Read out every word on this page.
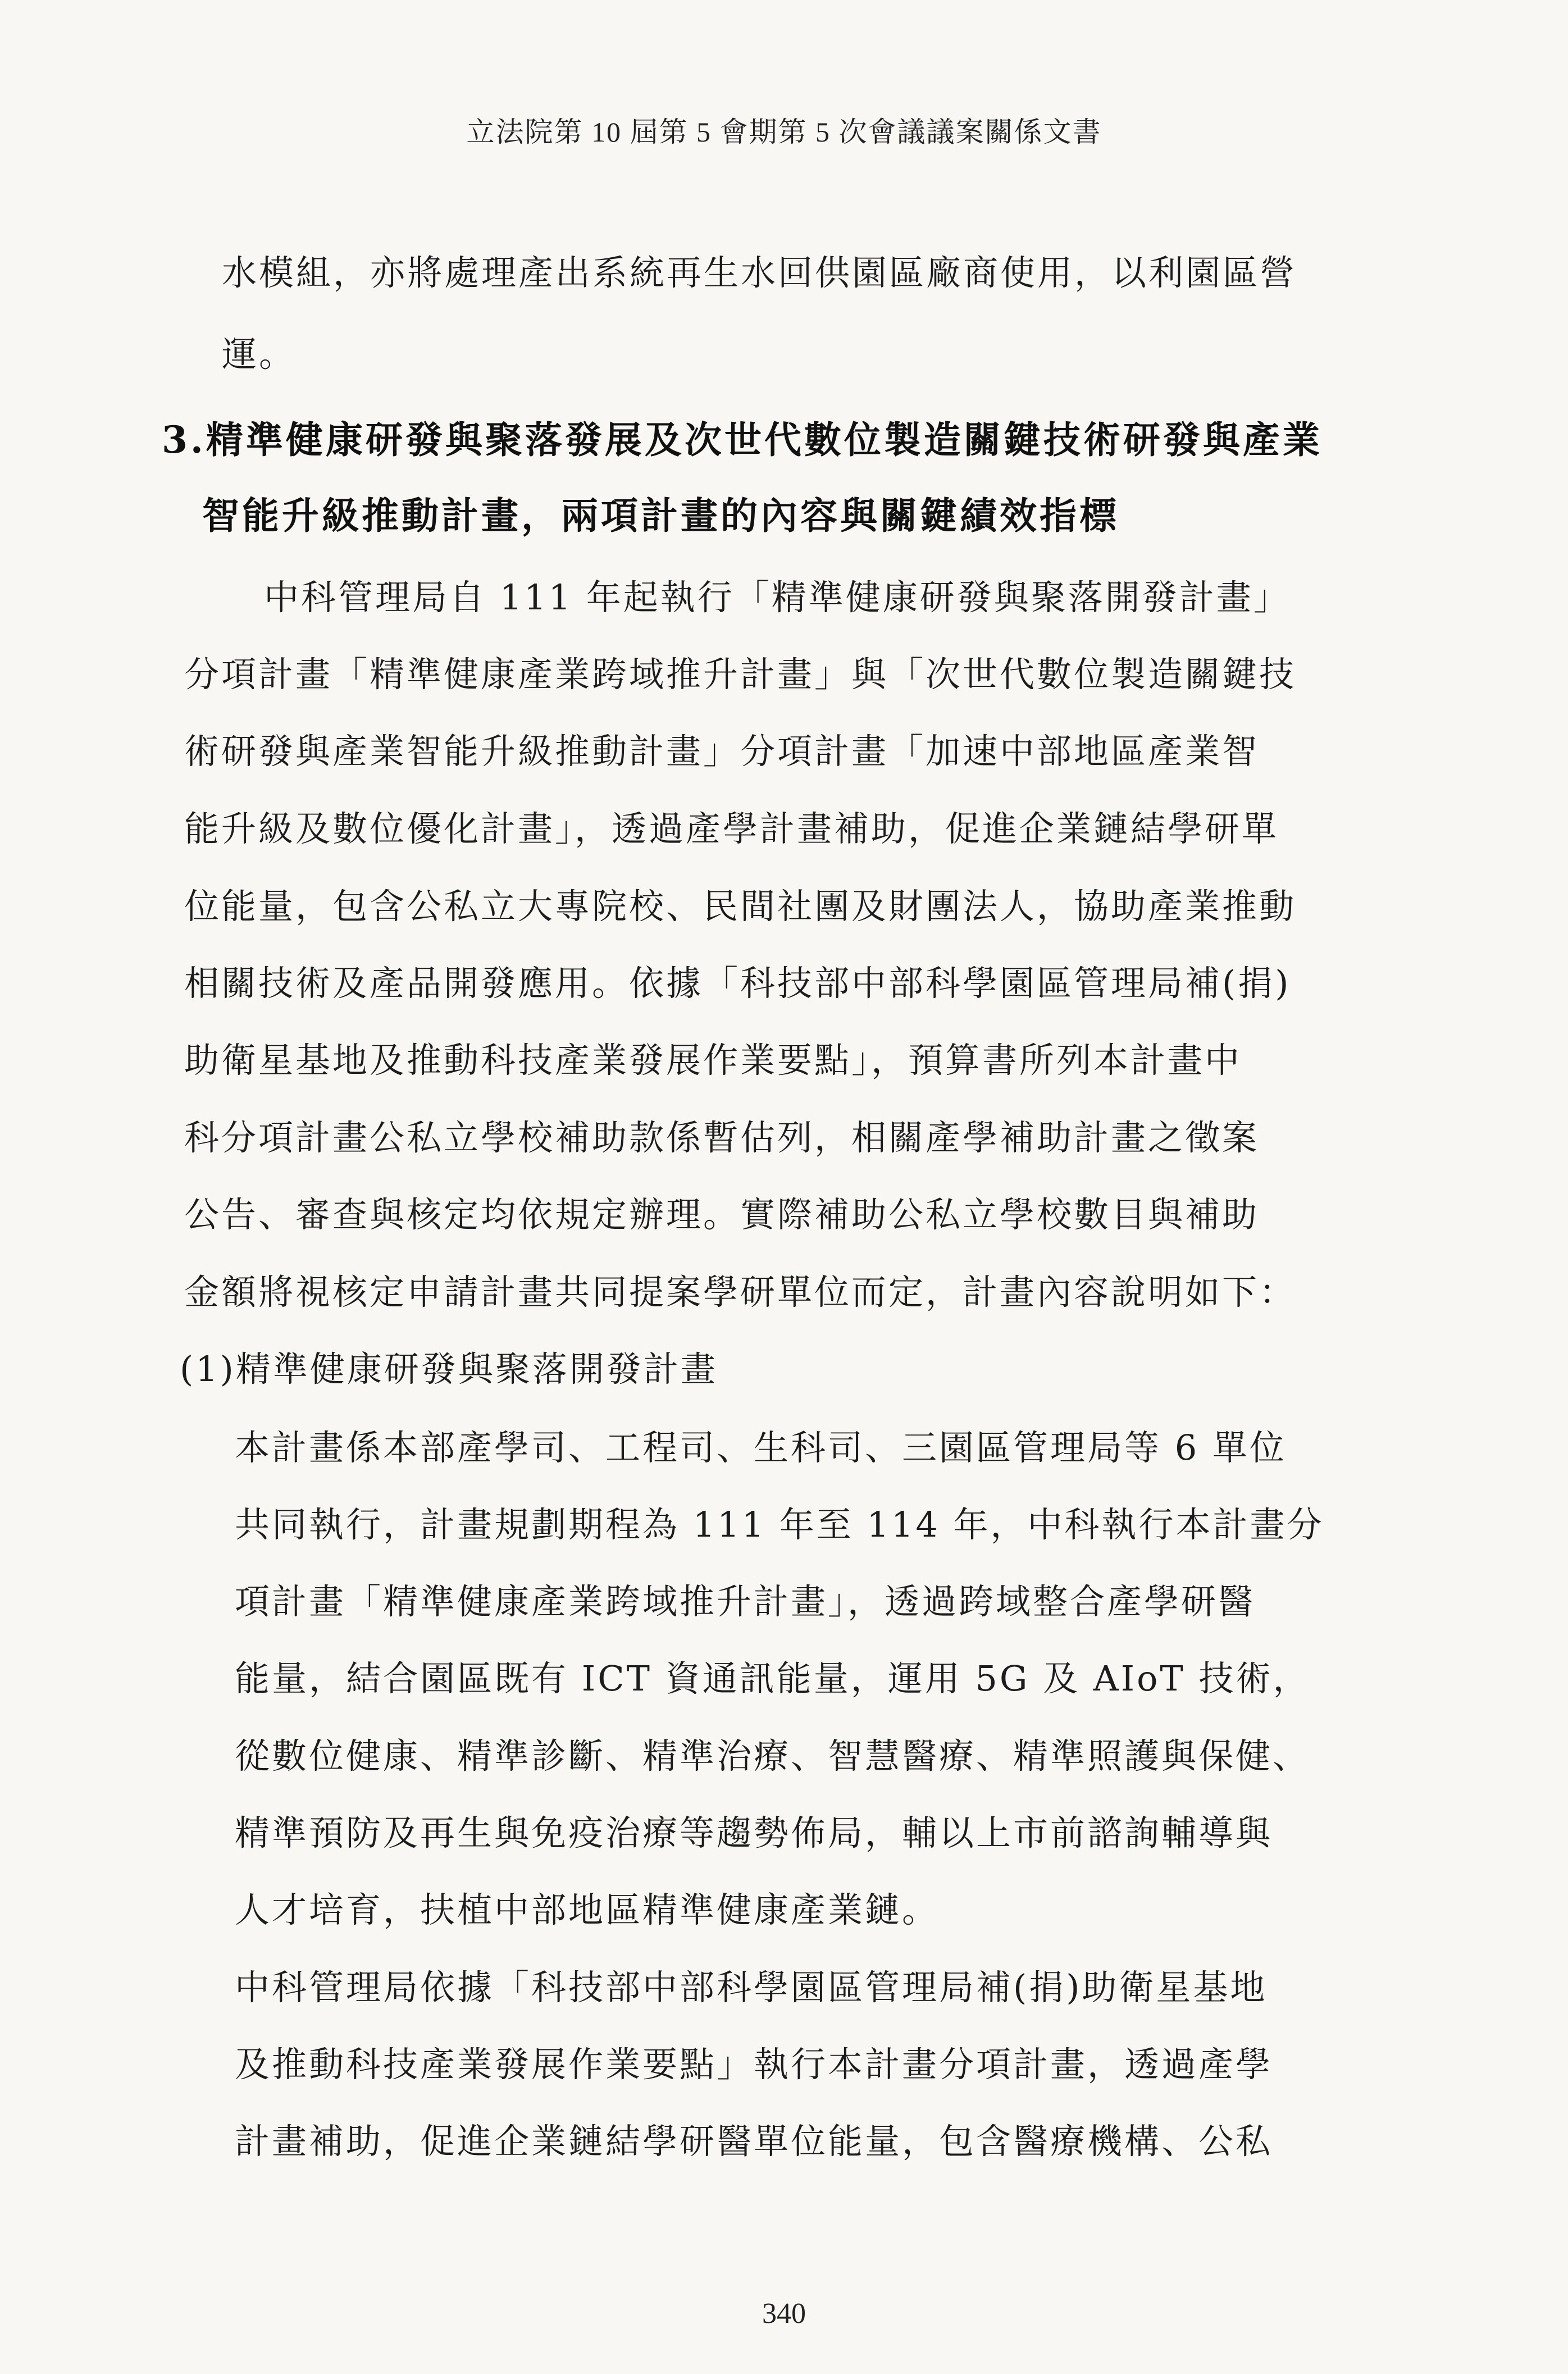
立法院第 10 屆第 5 會期第 5 次會議議案關係文書
水模組，亦將處理產出系統再生水回供園區廠商使用，以利園區營
運。
3.精準健康研發與聚落發展及次世代數位製造關鍵技術研發與產業
智能升級推動計畫，兩項計畫的內容與關鍵績效指標
中科管理局自 111 年起執行「精準健康研發與聚落開發計畫」
分項計畫「精準健康產業跨域推升計畫」與「次世代數位製造關鍵技
術研發與產業智能升級推動計畫」分項計畫「加速中部地區產業智
能升級及數位優化計畫」，透過產學計畫補助，促進企業鏈結學研單
位能量，包含公私立大專院校、民間社團及財團法人，協助產業推動
相關技術及產品開發應用。依據「科技部中部科學園區管理局補(捐)
助衛星基地及推動科技產業發展作業要點」，預算書所列本計畫中
科分項計畫公私立學校補助款係暫估列，相關產學補助計畫之徵案
公告、審查與核定均依規定辦理。實際補助公私立學校數目與補助
金額將視核定申請計畫共同提案學研單位而定，計畫內容說明如下：
(1)精準健康研發與聚落開發計畫
本計畫係本部產學司、工程司、生科司、三園區管理局等 6 單位
共同執行，計畫規劃期程為 111 年至 114 年，中科執行本計畫分
項計畫「精準健康產業跨域推升計畫」，透過跨域整合產學研醫
能量，結合園區既有 ICT 資通訊能量，運用 5G 及 AIoT 技術，
從數位健康、精準診斷、精準治療、智慧醫療、精準照護與保健、
精準預防及再生與免疫治療等趨勢佈局，輔以上市前諮詢輔導與
人才培育，扶植中部地區精準健康產業鏈。
中科管理局依據「科技部中部科學園區管理局補(捐)助衛星基地
及推動科技產業發展作業要點」執行本計畫分項計畫，透過產學
計畫補助，促進企業鏈結學研醫單位能量，包含醫療機構、公私
340
